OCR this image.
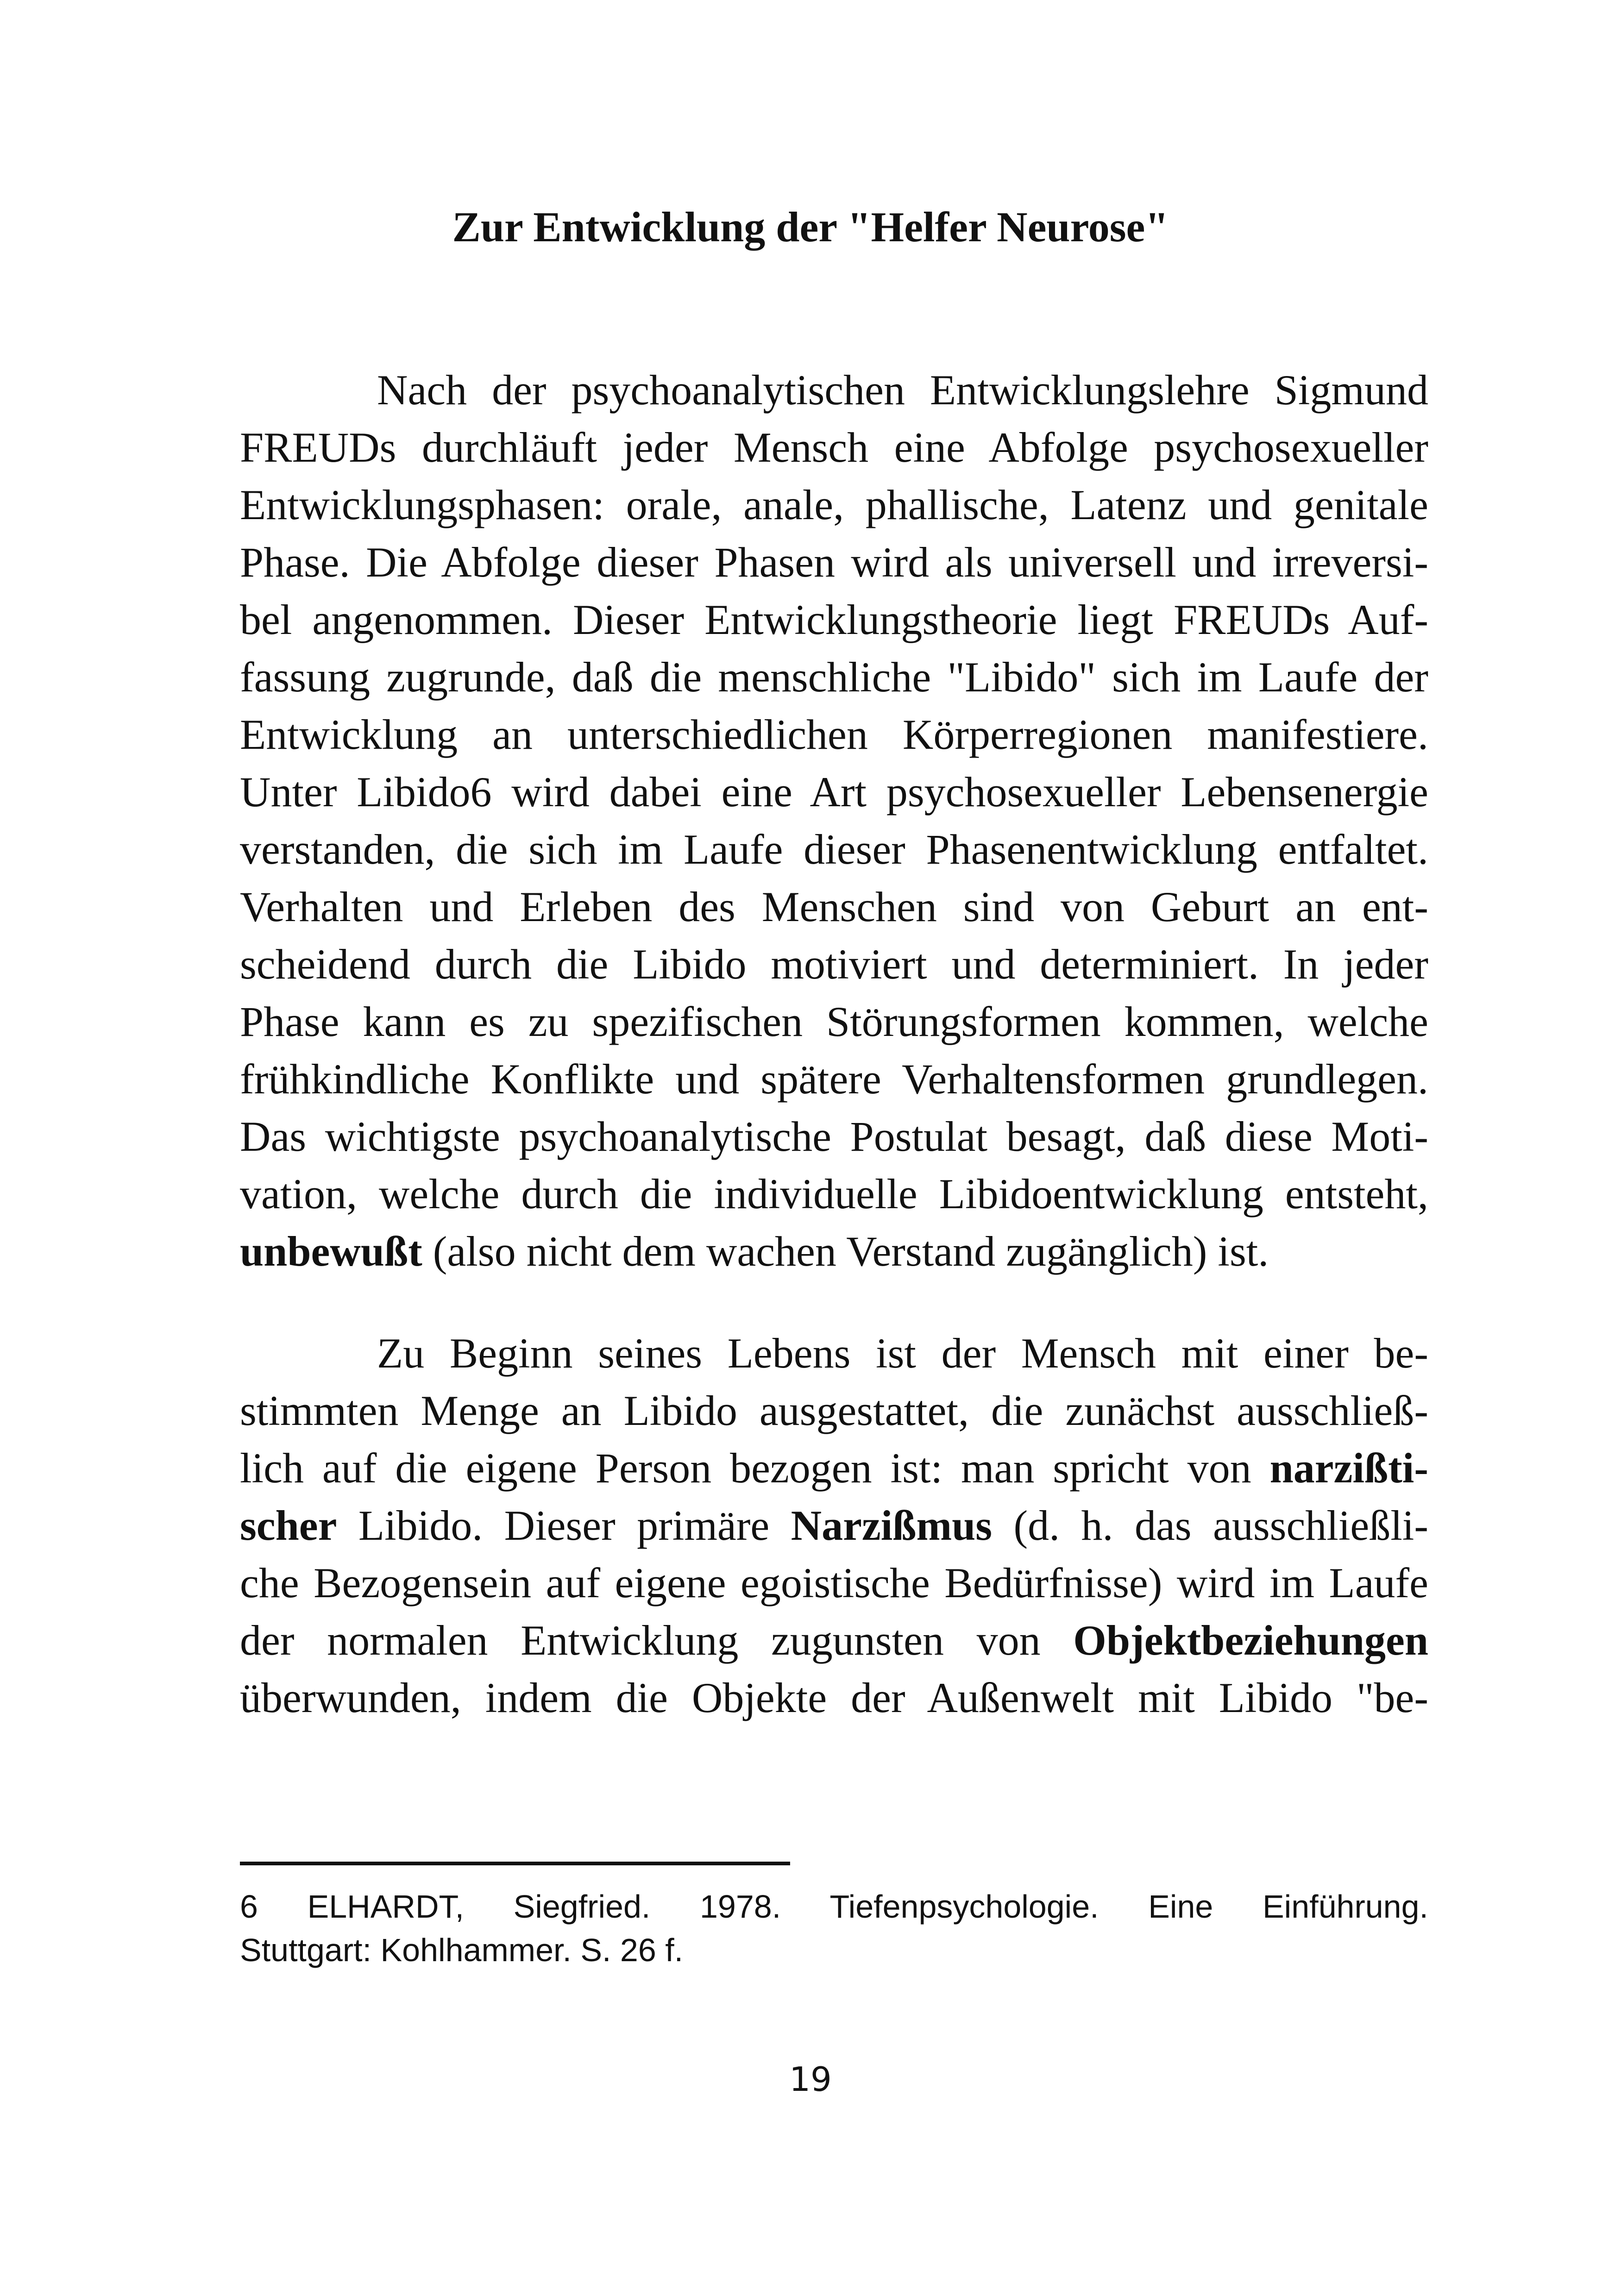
Zur Entwicklung der "Helfer Neurose"
Nach der psychoanalytischen Entwicklungslehre Sigmund
FREUDs durchläuft jeder Mensch eine Abfolge psychosexueller
Entwicklungsphasen: orale, anale, phallische, Latenz und genitale
Phase. Die Abfolge dieser Phasen wird als universell und irreversi-
bel angenommen. Dieser Entwicklungstheorie liegt FREUDs Auf-
fassung zugrunde, daß die menschliche "Libido" sich im Laufe der
Entwicklung an unterschiedlichen Körperregionen manifestiere.
Unter Libido6 wird dabei eine Art psychosexueller Lebensenergie
verstanden, die sich im Laufe dieser Phasenentwicklung entfaltet.
Verhalten und Erleben des Menschen sind von Geburt an ent-
scheidend durch die Libido motiviert und determiniert. In jeder
Phase kann es zu spezifischen Störungsformen kommen, welche
frühkindliche Konflikte und spätere Verhaltensformen grundlegen.
Das wichtigste psychoanalytische Postulat besagt, daß diese Moti-
vation, welche durch die individuelle Libidoentwicklung entsteht,
unbewußt (also nicht dem wachen Verstand zugänglich) ist.
Zu Beginn seines Lebens ist der Mensch mit einer be-
stimmten Menge an Libido ausgestattet, die zunächst ausschließ-
lich auf die eigene Person bezogen ist: man spricht von narzißti-
scher Libido. Dieser primäre Narzißmus (d. h. das ausschließli-
che Bezogensein auf eigene egoistische Bedürfnisse) wird im Laufe
der normalen Entwicklung zugunsten von Objektbeziehungen
überwunden, indem die Objekte der Außenwelt mit Libido "be-
6 ELHARDT, Siegfried. 1978. Tiefenpsychologie. Eine Einführung.
Stuttgart: Kohlhammer. S. 26 f.
19
